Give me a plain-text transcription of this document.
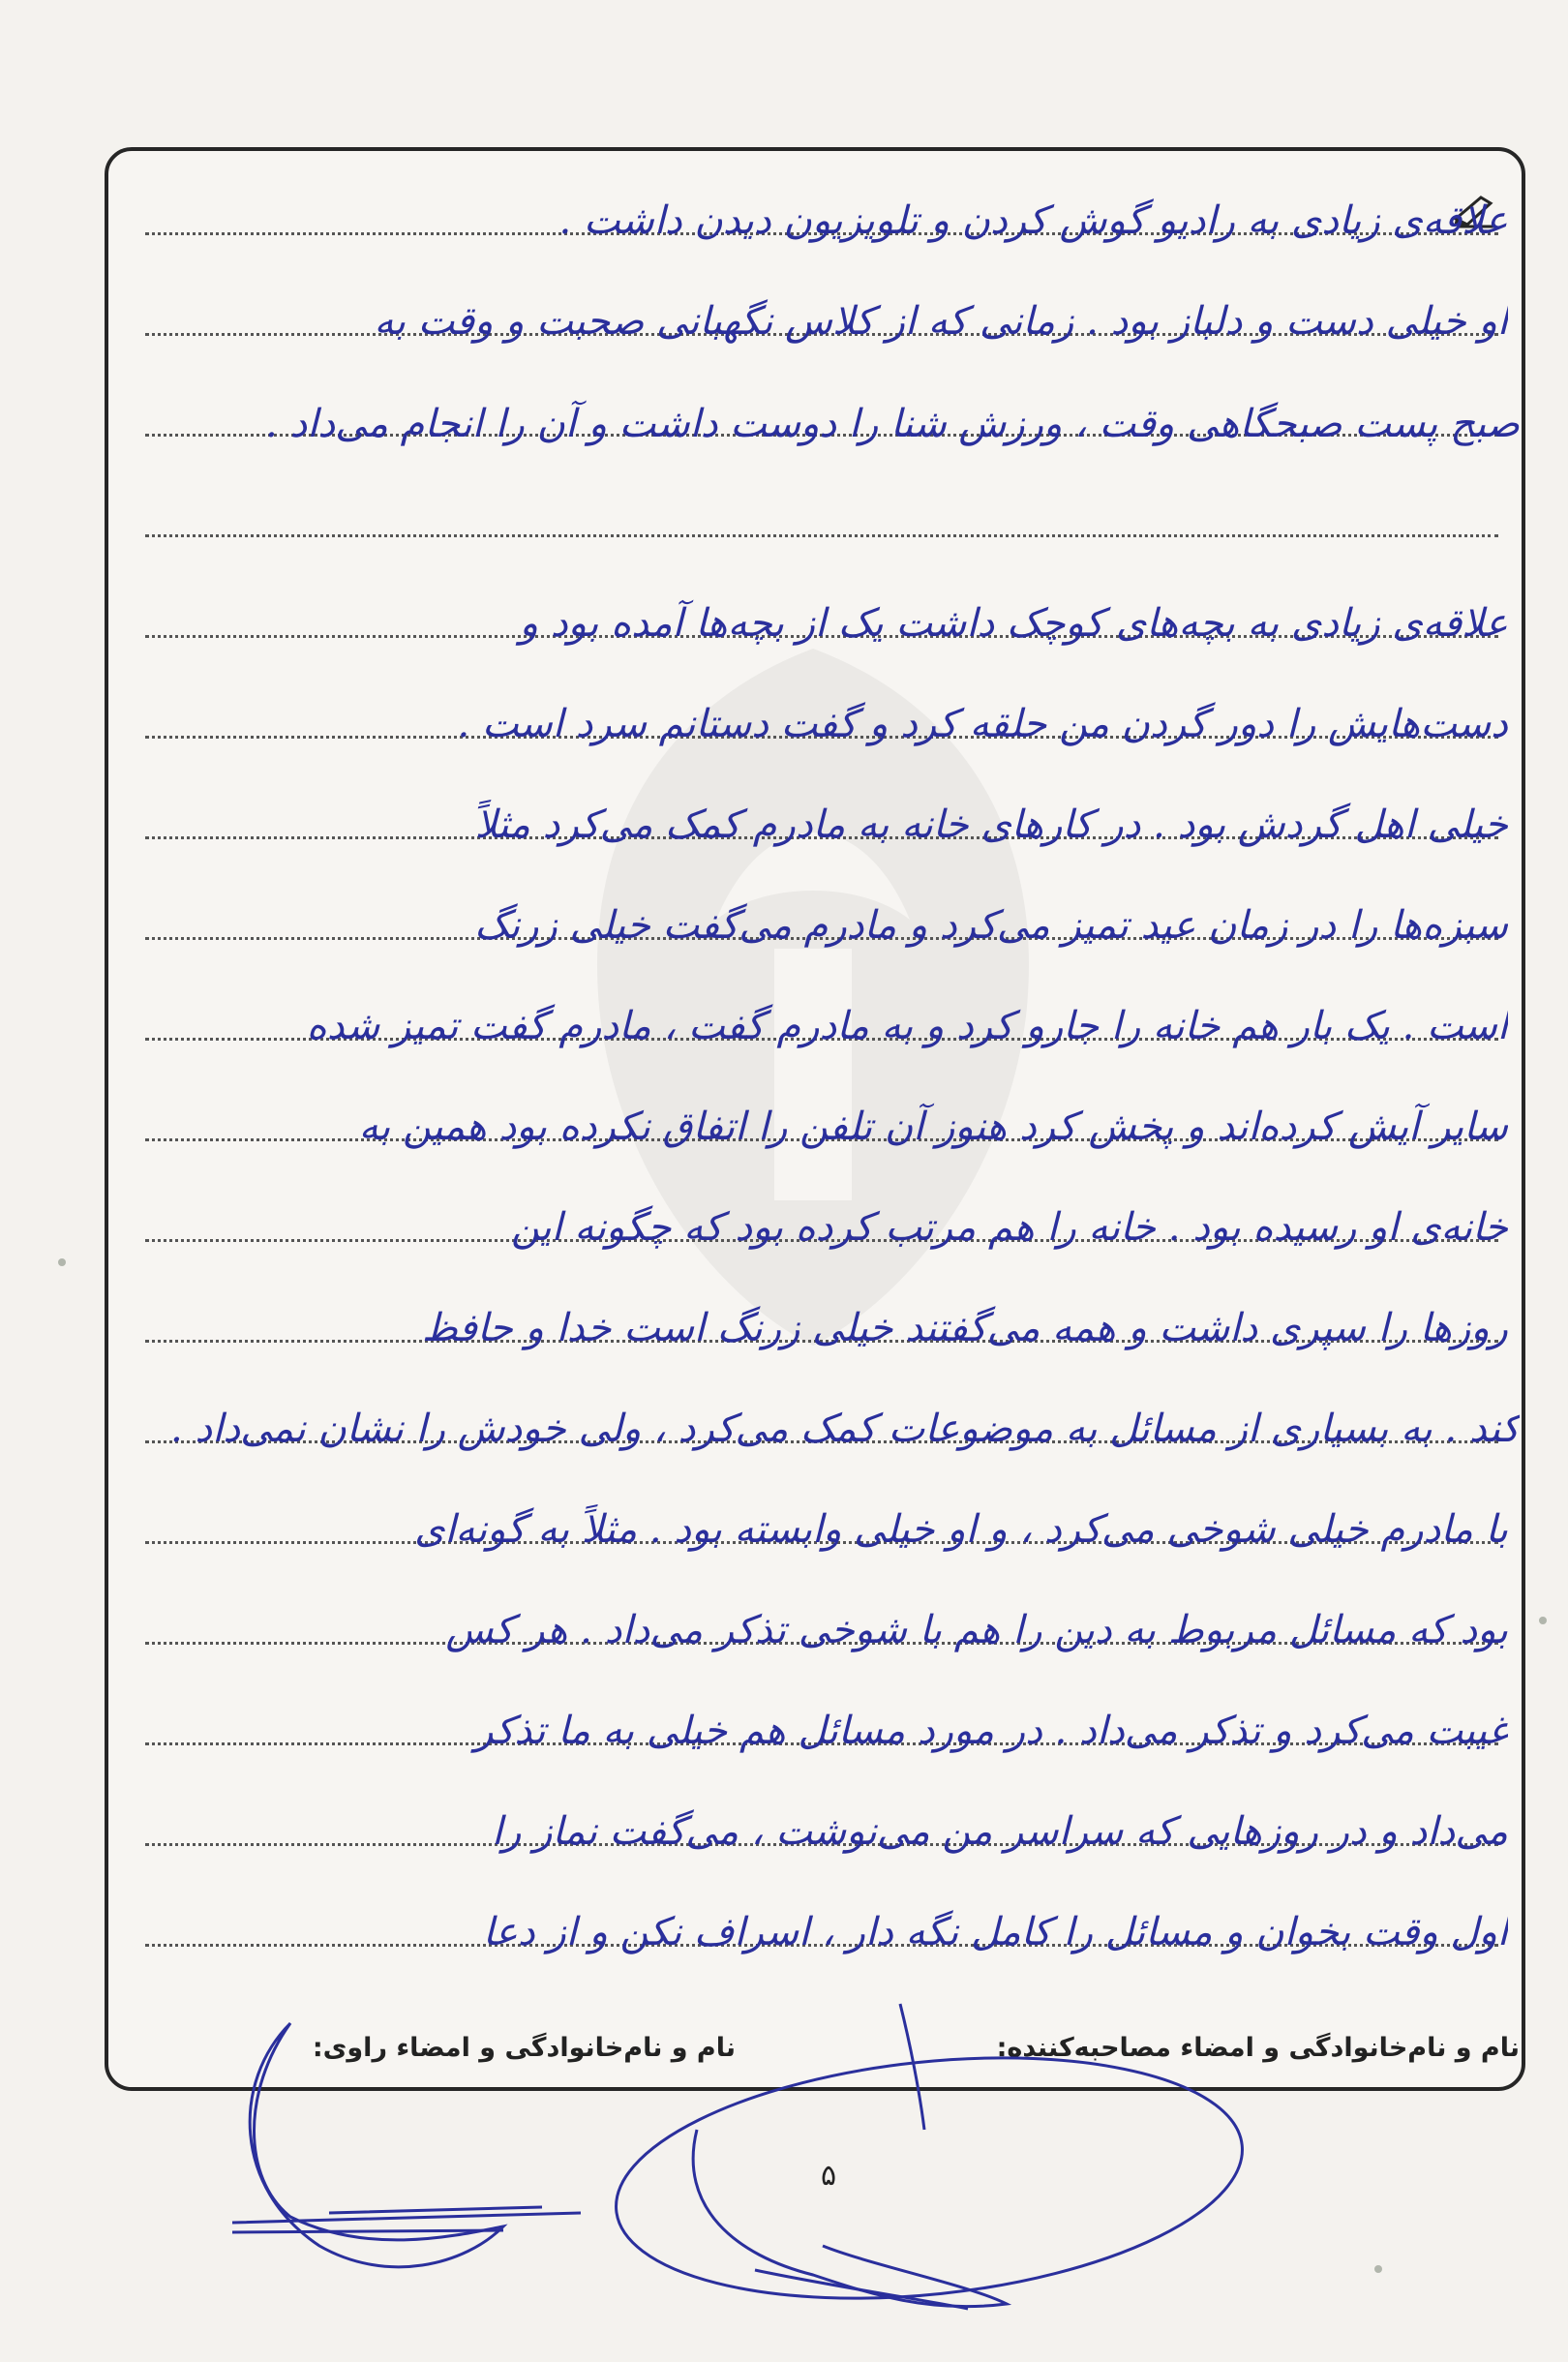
علاقه‌ی زیادی به رادیو گوش کردن و تلویزیون دیدن داشت .
او خیلی دست و دلباز بود . زمانی که از کلاس نگهبانی صحبت و وقت به
صبح پست صبحگاهی وقت ، ورزش شنا را دوست داشت و آن را انجام می‌داد .
علاقه‌ی زیادی به بچه‌های کوچک داشت یک از بچه‌ها آمده بود و
دست‌هایش را دور گردن من حلقه کرد و گفت دستانم سرد است .
خیلی اهل گردش بود . در کارهای خانه به مادرم کمک می‌کرد مثلاً
سبزه‌ها را در زمان عید تمیز می‌کرد و مادرم می‌گفت خیلی زرنگ
است . یک بار هم خانه را جارو کرد و به مادرم گفت ، مادرم گفت تمیز شده
سایر آیش کرده‌اند و پخش کرد هنوز آن تلفن را اتفاق نکرده بود همین به
خانه‌ی او رسیده بود . خانه را هم مرتب کرده بود که چگونه این
روزها را سپری داشت و همه می‌گفتند خیلی زرنگ است خدا و حافظ
کند . به بسیاری از مسائل به موضوعات کمک می‌کرد ، ولی خودش را نشان نمی‌داد .
با مادرم خیلی شوخی می‌کرد ، و او خیلی وابسته بود . مثلاً به گونه‌ای
بود که مسائل مربوط به دین را هم با شوخی تذکر می‌داد . هر کس
غیبت می‌کرد و تذکر می‌داد . در مورد مسائل هم خیلی به ما تذکر
می‌داد و در روزهایی که سراسر من می‌نوشت ، می‌گفت نماز را
اول وقت بخوان و مسائل را کامل نگه دار ، اسراف نکن و از دعا
نام و نام‌خانوادگی و امضاء مصاحبه‌کننده:
نام و نام‌خانوادگی و امضاء راوی:
۵
